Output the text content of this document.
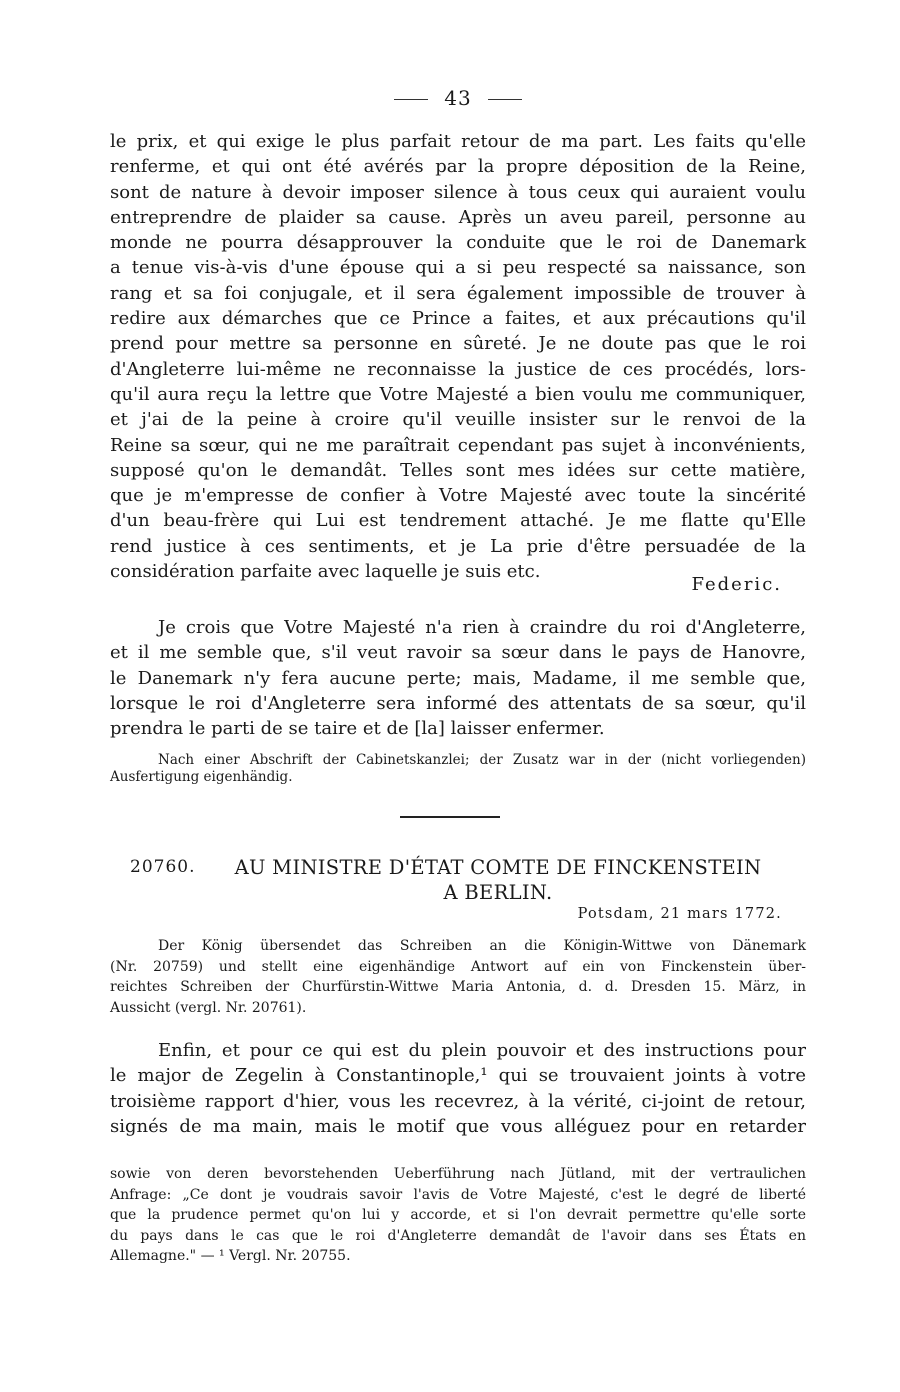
43
le prix, et qui exige le plus parfait retour de ma part. Les faits qu'elle
renferme, et qui ont été avérés par la propre déposition de la Reine,
sont de nature à devoir imposer silence à tous ceux qui auraient voulu
entreprendre de plaider sa cause. Après un aveu pareil, personne au
monde ne pourra désapprouver la conduite que le roi de Danemark
a tenue vis-à-vis d'une épouse qui a si peu respecté sa naissance, son
rang et sa foi conjugale, et il sera également impossible de trouver à
redire aux démarches que ce Prince a faites, et aux précautions qu'il
prend pour mettre sa personne en sûreté. Je ne doute pas que le roi
d'Angleterre lui-même ne reconnaisse la justice de ces procédés, lors-
qu'il aura reçu la lettre que Votre Majesté a bien voulu me communiquer,
et j'ai de la peine à croire qu'il veuille insister sur le renvoi de la
Reine sa sœur, qui ne me paraîtrait cependant pas sujet à inconvénients,
supposé qu'on le demandât. Telles sont mes idées sur cette matière,
que je m'empresse de confier à Votre Majesté avec toute la sincérité
d'un beau-frère qui Lui est tendrement attaché. Je me flatte qu'Elle
rend justice à ces sentiments, et je La prie d'être persuadée de la
considération parfaite avec laquelle je suis etc.
Federic.
Je crois que Votre Majesté n'a rien à craindre du roi d'Angleterre,
et il me semble que, s'il veut ravoir sa sœur dans le pays de Hanovre,
le Danemark n'y fera aucune perte; mais, Madame, il me semble que,
lorsque le roi d'Angleterre sera informé des attentats de sa sœur, qu'il
prendra le parti de se taire et de [la] laisser enfermer.
Nach einer Abschrift der Cabinetskanzlei; der Zusatz war in der (nicht vorliegenden)
Ausfertigung eigenhändig.
20760.	AU MINISTRE D'ÉTAT COMTE DE FINCKENSTEIN
A BERLIN.
Potsdam, 21 mars 1772.
Der König übersendet das Schreiben an die Königin-Wittwe von Dänemark
(Nr. 20759) und stellt eine eigenhändige Antwort auf ein von Finckenstein über-
reichtes Schreiben der Churfürstin-Wittwe Maria Antonia, d. d. Dresden 15. März, in
Aussicht (vergl. Nr. 20761).
Enfin, et pour ce qui est du plein pouvoir et des instructions pour
le major de Zegelin à Constantinople,¹ qui se trouvaient joints à votre
troisième rapport d'hier, vous les recevrez, à la vérité, ci-joint de retour,
signés de ma main, mais le motif que vous alléguez pour en retarder
sowie von deren bevorstehenden Ueberführung nach Jütland, mit der vertraulichen
Anfrage: „Ce dont je voudrais savoir l'avis de Votre Majesté, c'est le degré de liberté
que la prudence permet qu'on lui y accorde, et si l'on devrait permettre qu'elle sorte
du pays dans le cas que le roi d'Angleterre demandât de l'avoir dans ses États en
Allemagne." — ¹ Vergl. Nr. 20755.
